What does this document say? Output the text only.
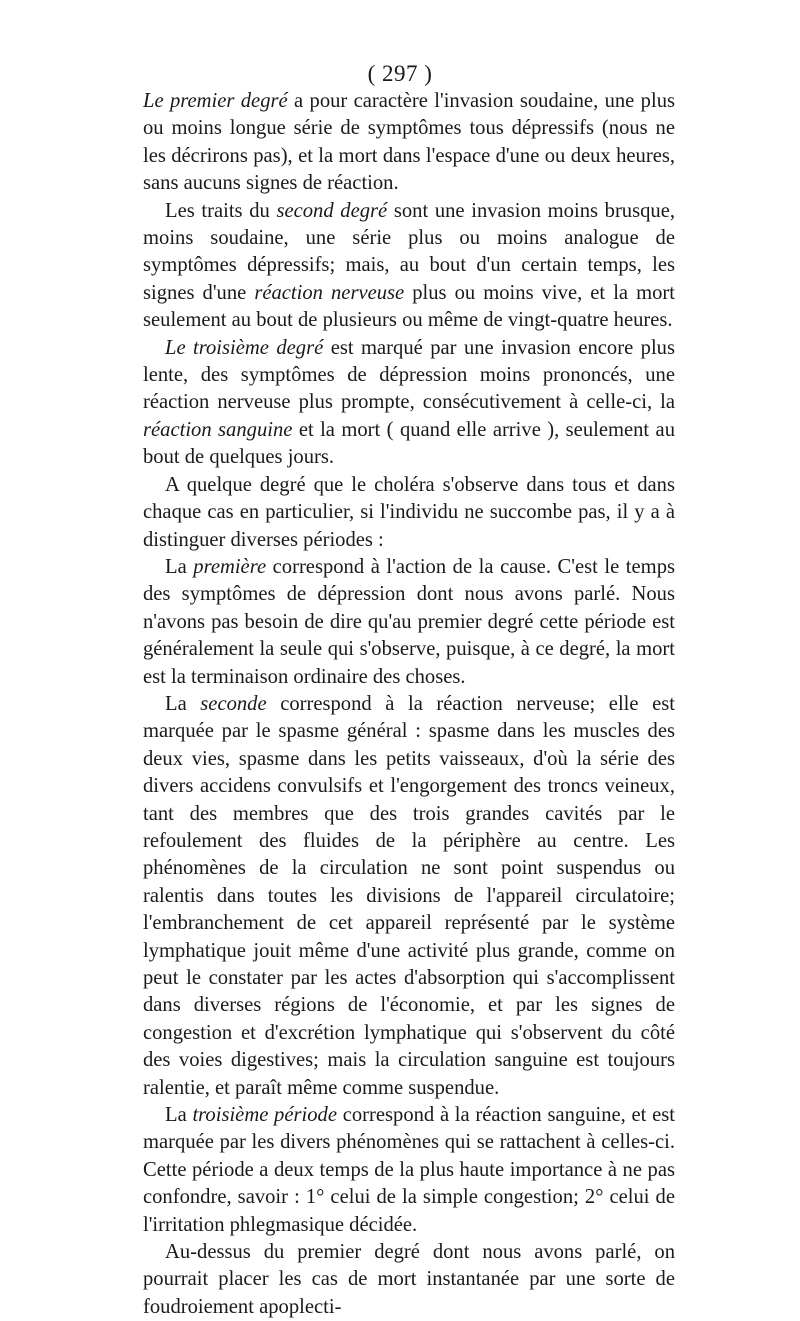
( 297 )

Le premier degré a pour caractère l'invasion soudaine, une plus ou moins longue série de symptômes tous dépressifs (nous ne les décrirons pas), et la mort dans l'espace d'une ou deux heures, sans aucuns signes de réaction.

Les traits du second degré sont une invasion moins brusque, moins soudaine, une série plus ou moins analogue de symptômes dépressifs; mais, au bout d'un certain temps, les signes d'une réaction nerveuse plus ou moins vive, et la mort seulement au bout de plusieurs ou même de vingt-quatre heures.

Le troisième degré est marqué par une invasion encore plus lente, des symptômes de dépression moins prononcés, une réaction nerveuse plus prompte, consécutivement à celle-ci, la réaction sanguine et la mort ( quand elle arrive ), seulement au bout de quelques jours.

A quelque degré que le choléra s'observe dans tous et dans chaque cas en particulier, si l'individu ne succombe pas, il y a à distinguer diverses périodes :

La première correspond à l'action de la cause. C'est le temps des symptômes de dépression dont nous avons parlé. Nous n'avons pas besoin de dire qu'au premier degré cette période est généralement la seule qui s'observe, puisque, à ce degré, la mort est la terminaison ordinaire des choses.

La seconde correspond à la réaction nerveuse; elle est marquée par le spasme général : spasme dans les muscles des deux vies, spasme dans les petits vaisseaux, d'où la série des divers accidens convulsifs et l'engorgement des troncs veineux, tant des membres que des trois grandes cavités par le refoulement des fluides de la périphère au centre. Les phénomènes de la circulation ne sont point suspendus ou ralentis dans toutes les divisions de l'appareil circulatoire; l'embranchement de cet appareil représenté par le système lymphatique jouit même d'une activité plus grande, comme on peut le constater par les actes d'absorption qui s'accomplissent dans diverses régions de l'économie, et par les signes de congestion et d'excrétion lymphatique qui s'observent du côté des voies digestives; mais la circulation sanguine est toujours ralentie, et paraît même comme suspendue.

La troisième période correspond à la réaction sanguine, et est marquée par les divers phénomènes qui se rattachent à celles-ci. Cette période a deux temps de la plus haute importance à ne pas confondre, savoir : 1° celui de la simple congestion; 2° celui de l'irritation phlegmasique décidée.

Au-dessus du premier degré dont nous avons parlé, on pourrait placer les cas de mort instantanée par une sorte de foudroiement apoplecti-
